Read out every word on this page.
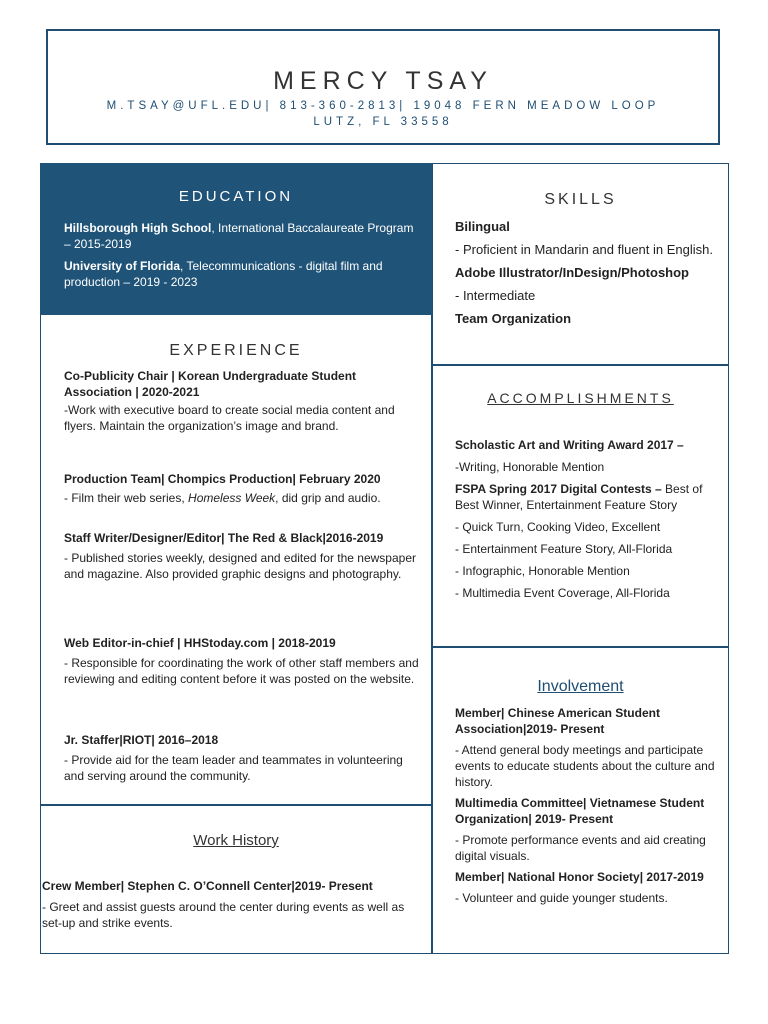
MERCY TSAY
M.TSAY@UFL.EDU| 813-360-2813| 19048 FERN MEADOW LOOP
LUTZ, FL 33558
EDUCATION
Hillsborough High School, International Baccalaureate Program – 2015-2019
University of Florida, Telecommunications - digital film and production – 2019 - 2023
EXPERIENCE

Co-Publicity Chair | Korean Undergraduate Student Association | 2020-2021

-Work with executive board to create social media content and flyers. Maintain the organization’s image and brand.

Production Team| Chompics Production| February 2020

- Film their web series, Homeless Week, did grip and audio.

Staff Writer/Designer/Editor| The Red & Black|2016-2019

- Published stories weekly, designed and edited for the newspaper and magazine. Also provided graphic designs and photography.

Web Editor-in-chief | HHStoday.com | 2018-2019

- Responsible for coordinating the work of other staff members and reviewing and editing content before it was posted on the website.

Jr. Staffer|RIOT| 2016–2018

- Provide aid for the team leader and teammates in volunteering and serving around the community.

Work History

Crew Member| Stephen C. O’Connell Center|2019- Present

- Greet and assist guests around the center during events as well as set-up and strike events.

SKILLS

Bilingual

- Proficient in Mandarin and fluent in English.

Adobe Illustrator/InDesign/Photoshop

- Intermediate

Team Organization

ACCOMPLISHMENTS

Scholastic Art and Writing Award 2017 –

-Writing, Honorable Mention

FSPA Spring 2017 Digital Contests – Best of Best Winner, Entertainment Feature Story

- Quick Turn, Cooking Video, Excellent

- Entertainment Feature Story, All-Florida

- Infographic, Honorable Mention

- Multimedia Event Coverage, All-Florida

Involvement

Member| Chinese American Student Association|2019- Present

- Attend general body meetings and participate events to educate students about the culture and history.

Multimedia Committee| Vietnamese Student Organization| 2019- Present

- Promote performance events and aid creating digital visuals.

Member| National Honor Society| 2017-2019

- Volunteer and guide younger students.
